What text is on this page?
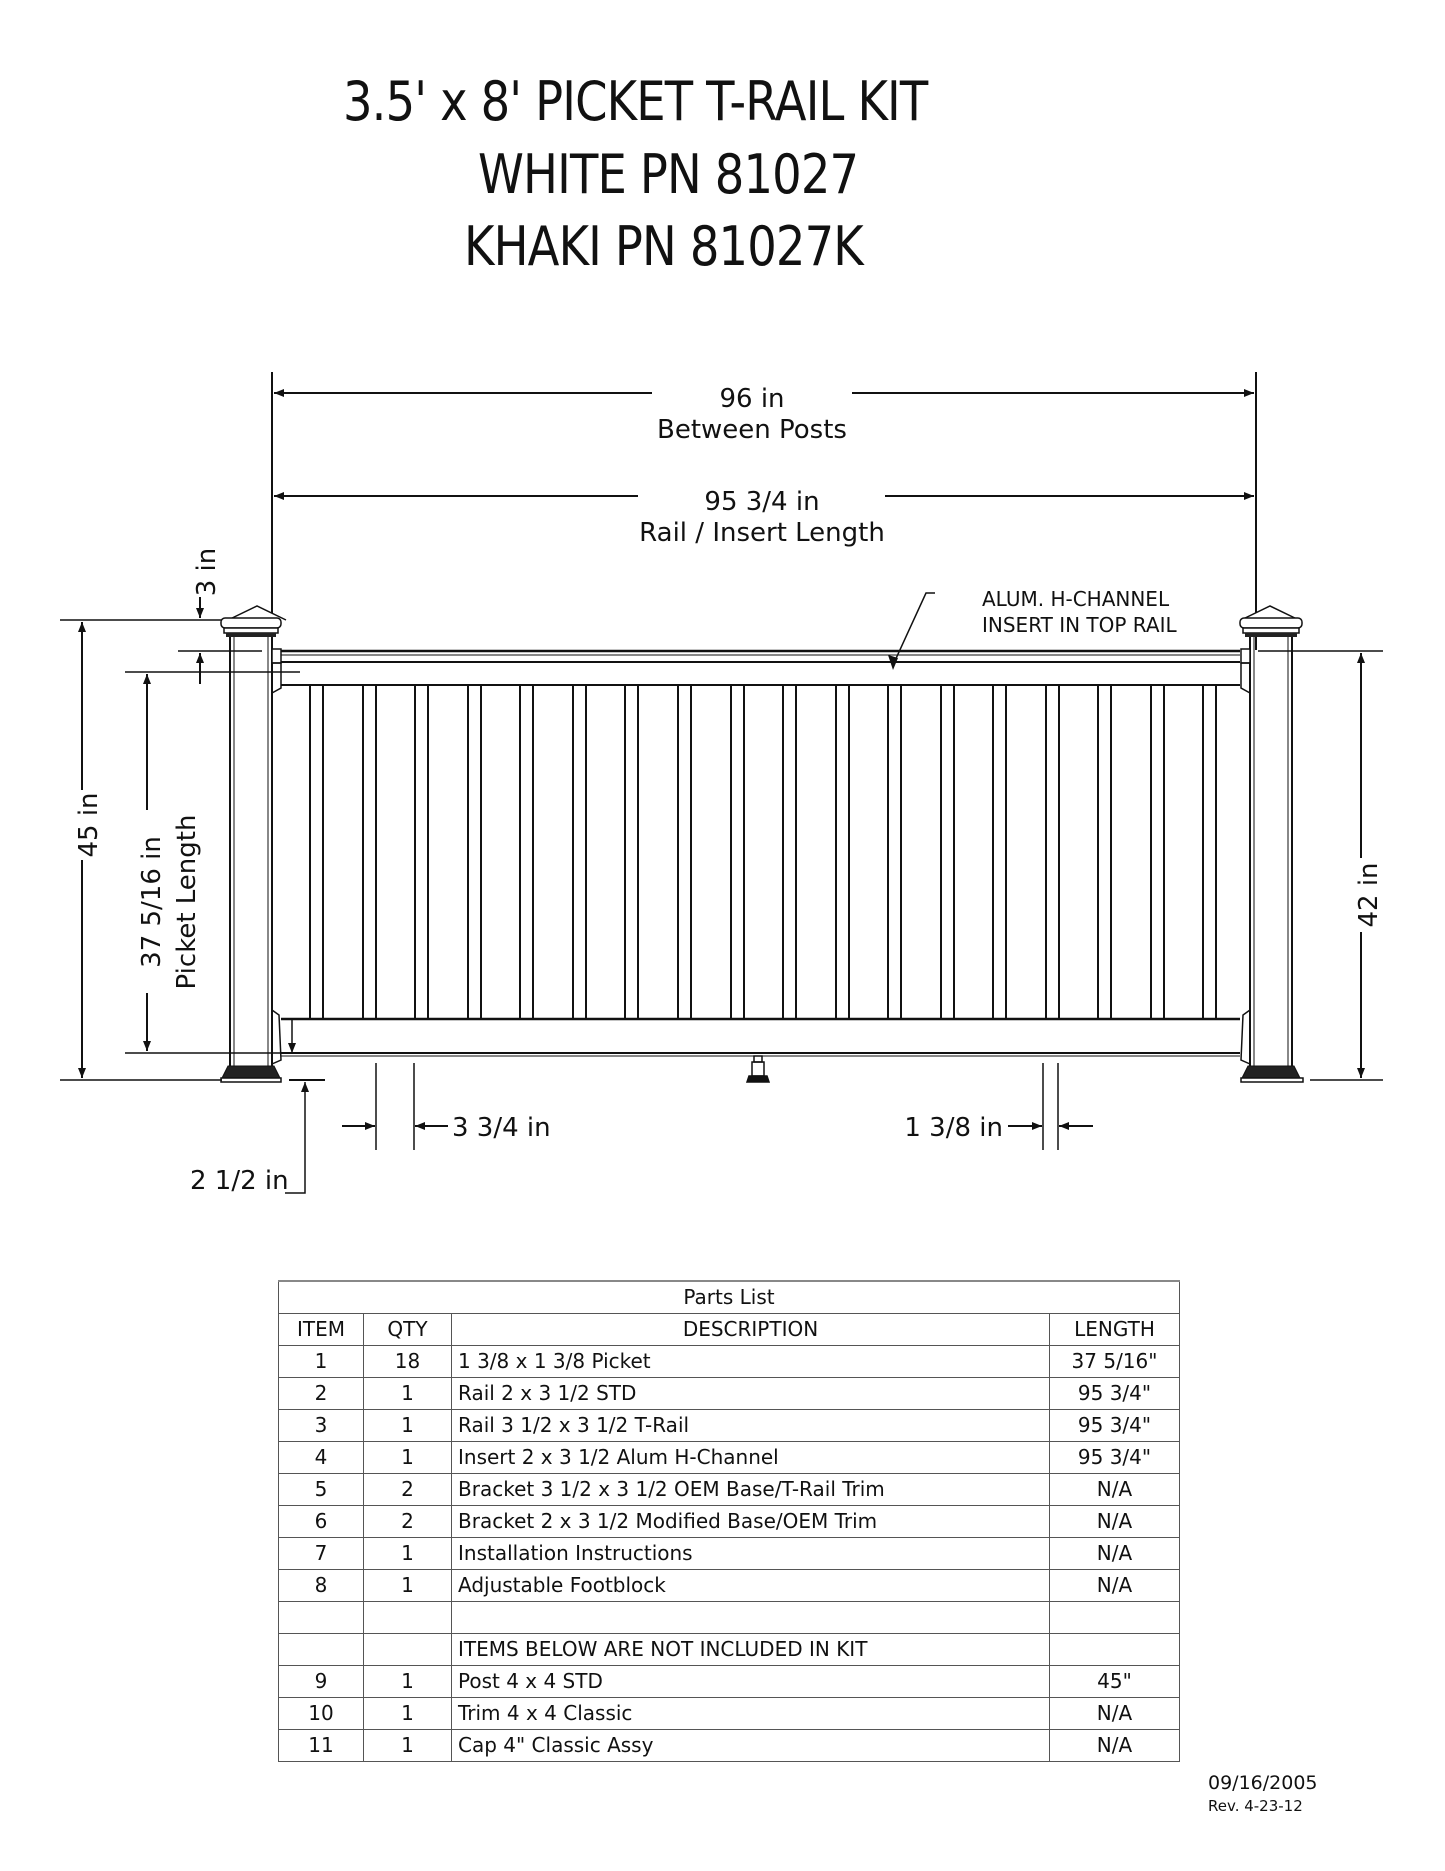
3.5' x 8' PICKET T-RAIL KIT
WHITE PN 81027
KHAKI PN 81027K
96 in
Between Posts
95 3/4 in
Rail / Insert Length
ALUM. H-CHANNEL
INSERT IN TOP RAIL
45 in
3 in
37 5/16 in Picket Length	42 in
2 1/2 in
3 3/4 in	1 3/8 in
Parts List			
ITEM	QTY	DESCRIPTION	LENGTH
1	18	1 3/8 x 1 3/8 Picket	37 5/16"
2	1	Rail 2 x 3 1/2 STD	95 3/4"
3	1	Rail 3 1/2 x 3 1/2 T-Rail	95 3/4"
4	1	Insert 2 x 3 1/2 Alum H-Channel	95 3/4"
5	2	Bracket 3 1/2 x 3 1/2 OEM Base/T-Rail Trim	N/A
6	2	Bracket 2 x 3 1/2 Modified Base/OEM Trim	N/A
7	1	Installation Instructions	N/A
8	1	Adjustable Footblock	N/A

		ITEMS BELOW ARE NOT INCLUDED IN KIT	
9	1	Post 4 x 4 STD	45"
10	1	Trim 4 x 4 Classic	N/A
11	1	Cap 4" Classic Assy	N/A
09/16/2005
Rev. 4-23-12
